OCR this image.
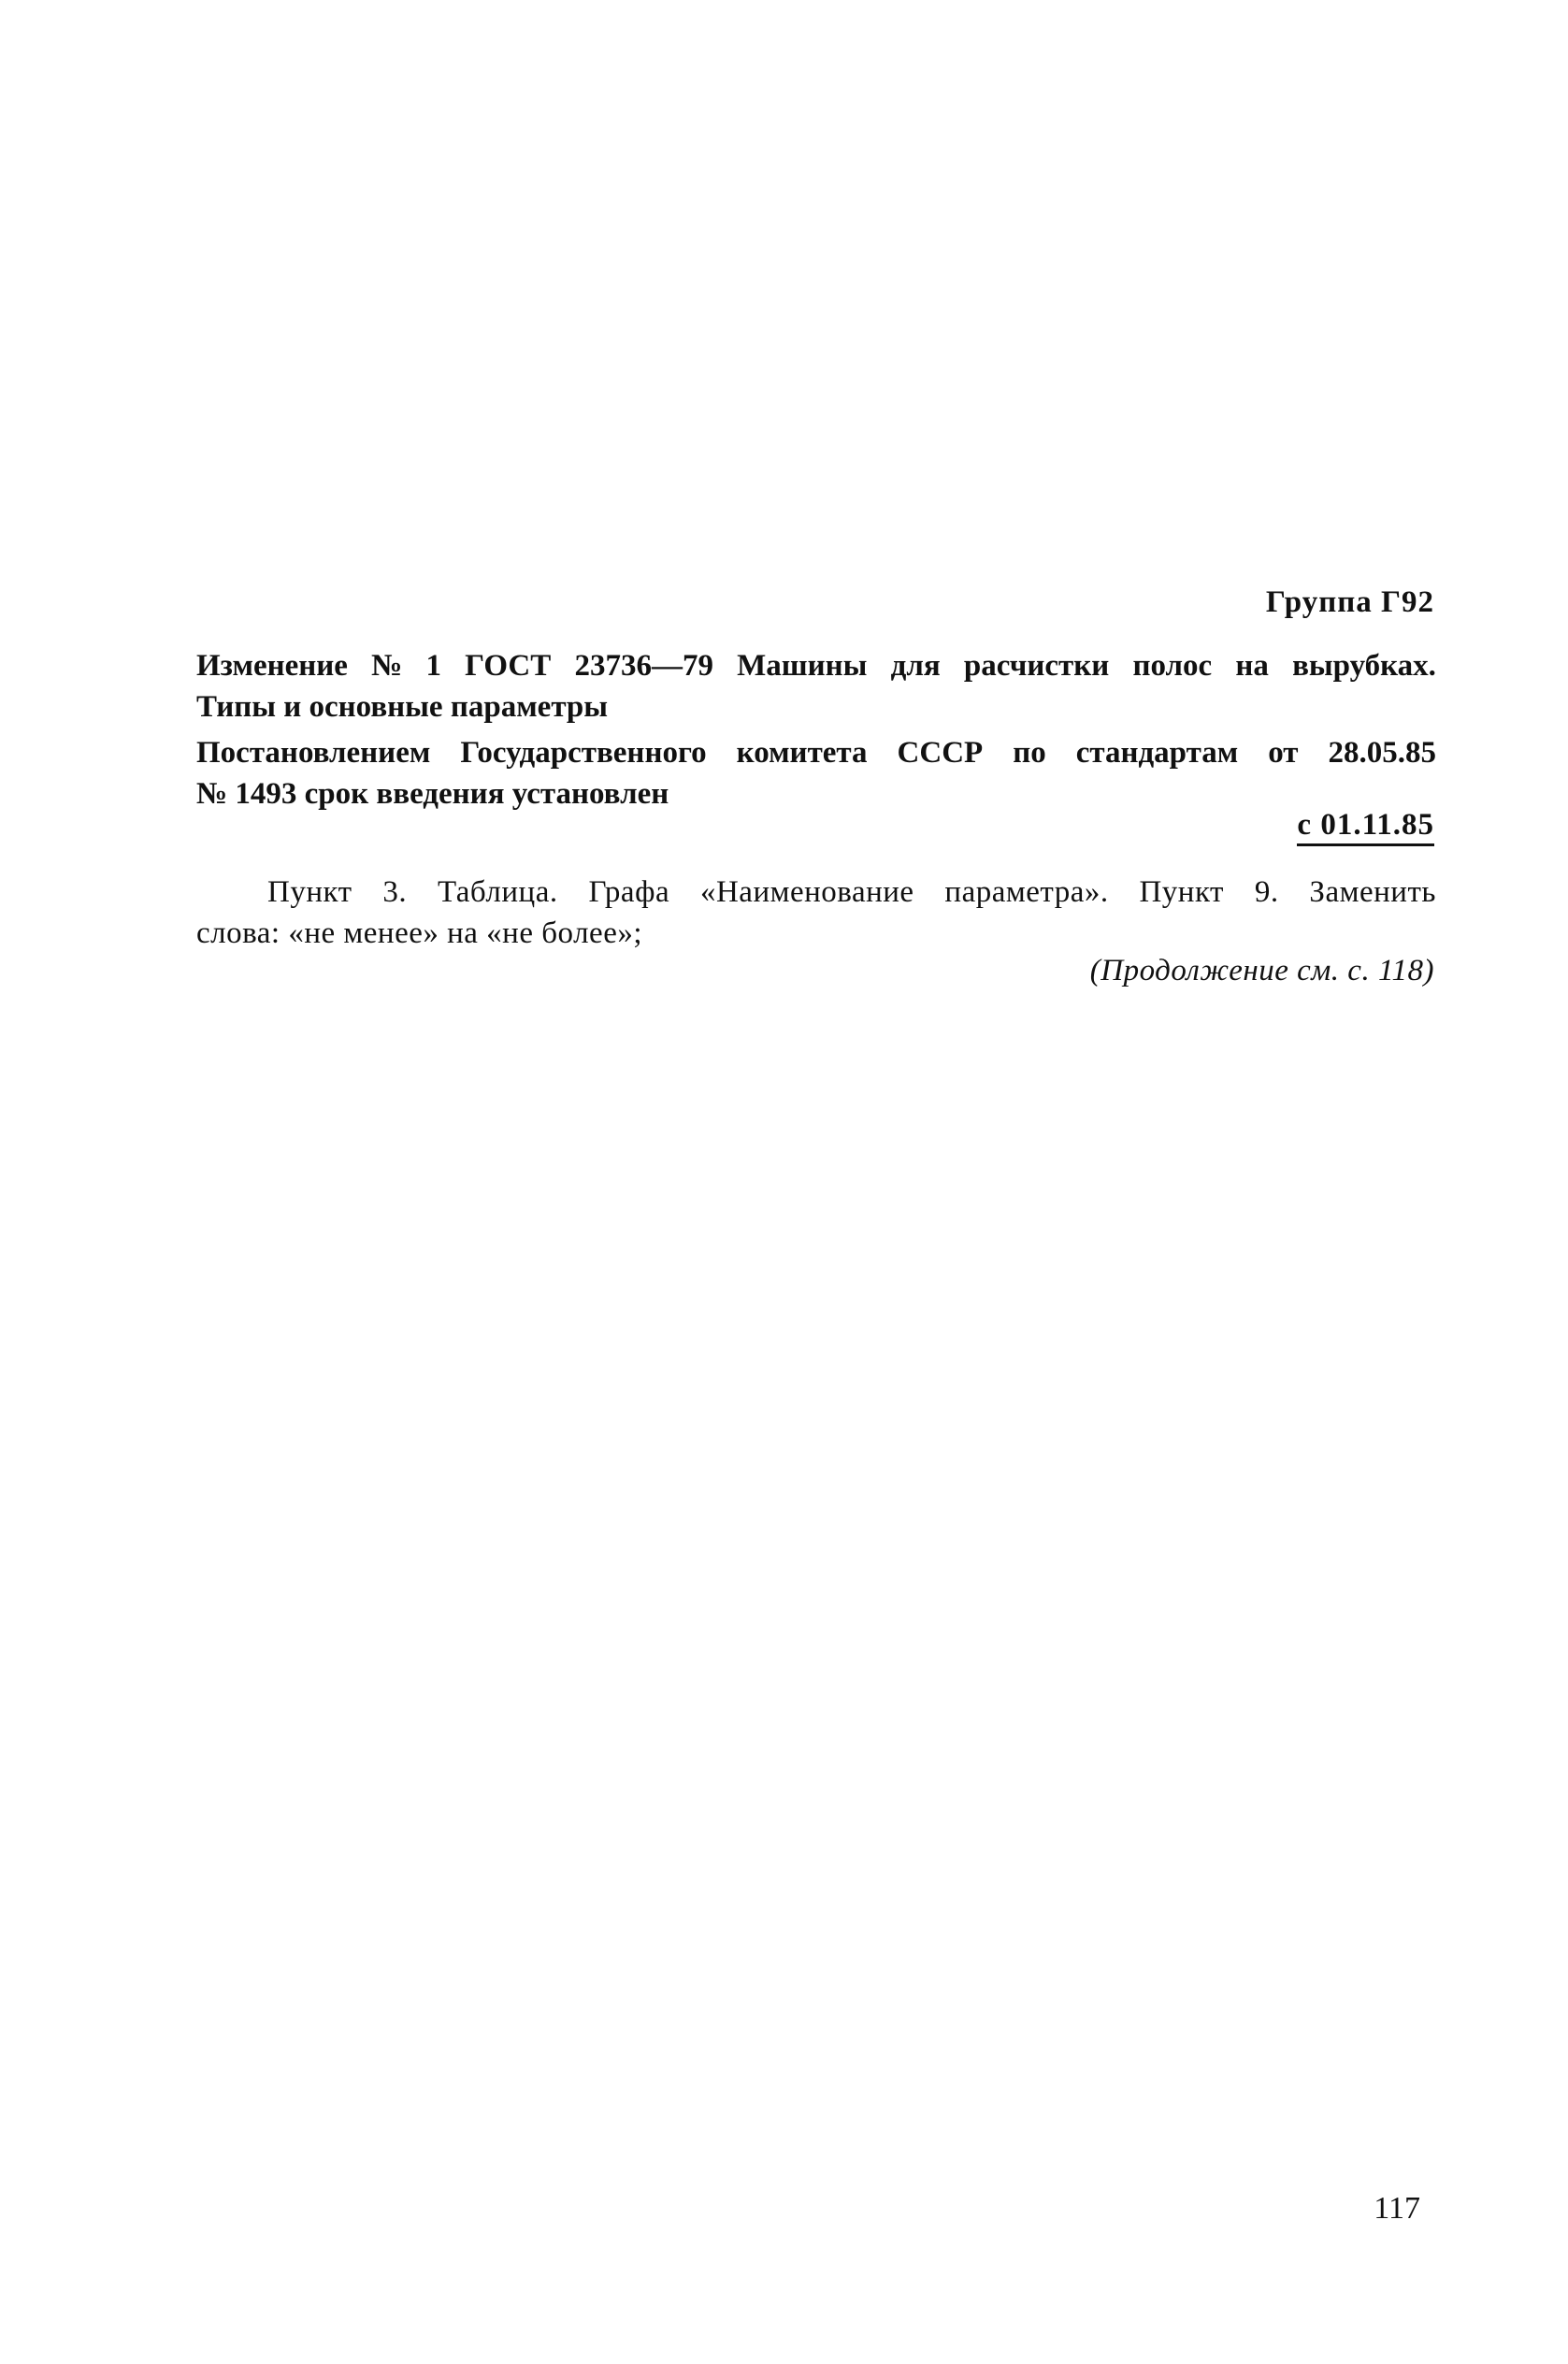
Группа Г92
Изменение № 1 ГОСТ 23736—79 Машины для расчистки полос на вырубках.
Типы и основные параметры
Постановлением Государственного комитета СССР по стандартам от 28.05.85
№ 1493 срок введения установлен
с 01.11.85
Пункт 3. Таблица. Графа «Наименование параметра». Пункт 9. Заменить
слова: «не менее» на «не более»;
(Продолжение см. с. 118)
117
